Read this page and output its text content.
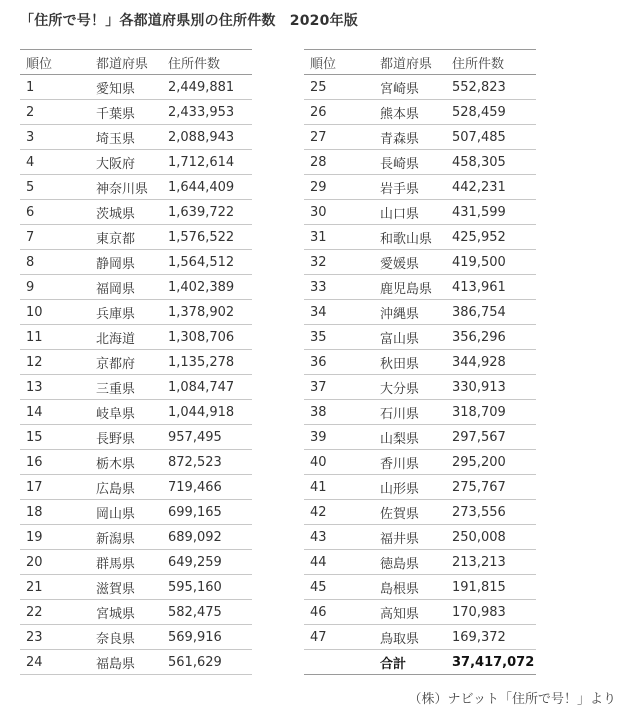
「住所で号！」各都道府県別の住所件数　2020年版
順位	都道府県	住所件数
1	愛知県	2,449,881
2	千葉県	2,433,953
3	埼玉県	2,088,943
4	大阪府	1,712,614
5	神奈川県	1,644,409
6	茨城県	1,639,722
7	東京都	1,576,522
8	静岡県	1,564,512
9	福岡県	1,402,389
10	兵庫県	1,378,902
11	北海道	1,308,706
12	京都府	1,135,278
13	三重県	1,084,747
14	岐阜県	1,044,918
15	長野県	957,495
16	栃木県	872,523
17	広島県	719,466
18	岡山県	699,165
19	新潟県	689,092
20	群馬県	649,259
21	滋賀県	595,160
22	宮城県	582,475
23	奈良県	569,916
24	福島県	561,629
順位	都道府県	住所件数
25	宮崎県	552,823
26	熊本県	528,459
27	青森県	507,485
28	長崎県	458,305
29	岩手県	442,231
30	山口県	431,599
31	和歌山県	425,952
32	愛媛県	419,500
33	鹿児島県	413,961
34	沖縄県	386,754
35	富山県	356,296
36	秋田県	344,928
37	大分県	330,913
38	石川県	318,709
39	山梨県	297,567
40	香川県	295,200
41	山形県	275,767
42	佐賀県	273,556
43	福井県	250,008
44	徳島県	213,213
45	島根県	191,815
46	高知県	170,983
47	鳥取県	169,372
	合計	37,417,072
（株）ナビット「住所で号！」より
